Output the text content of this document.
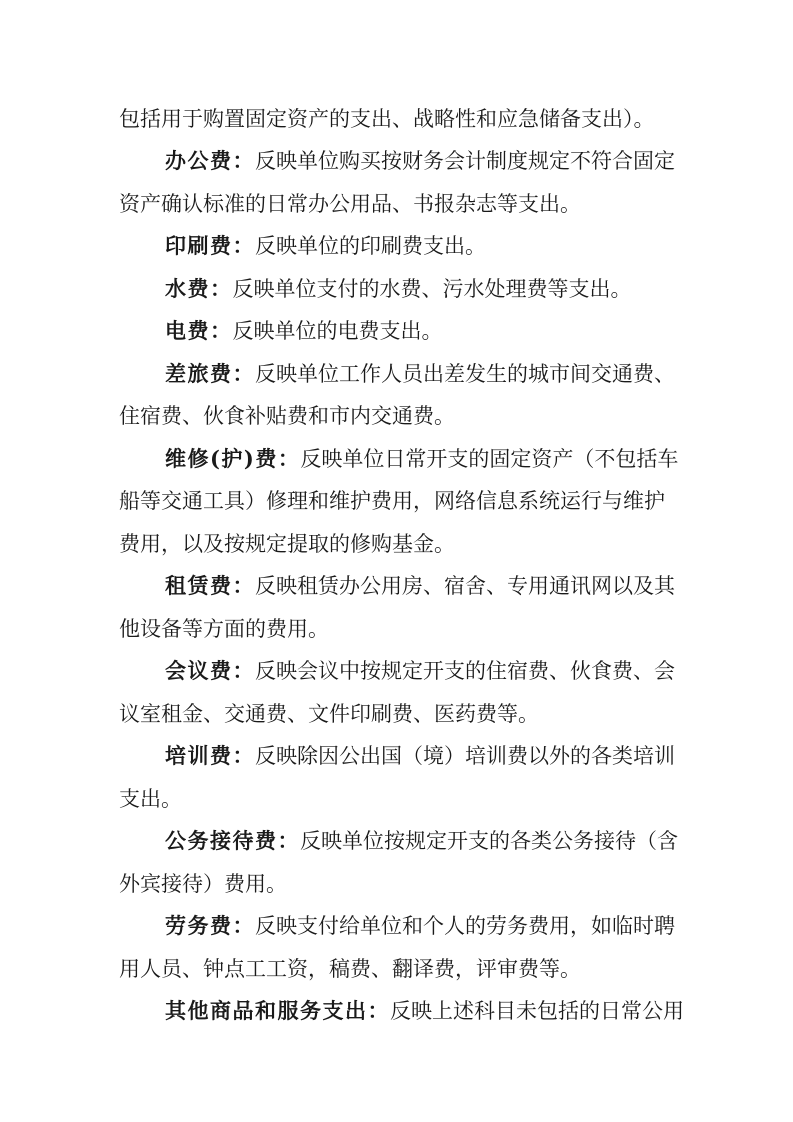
包括用于购置固定资产的支出、战略性和应急储备支出）。
办公费：反映单位购买按财务会计制度规定不符合固定
资产确认标准的日常办公用品、书报杂志等支出。
印刷费：反映单位的印刷费支出。
水费：反映单位支付的水费、污水处理费等支出。
电费：反映单位的电费支出。
差旅费：反映单位工作人员出差发生的城市间交通费、
住宿费、伙食补贴费和市内交通费。
维修(护)费：反映单位日常开支的固定资产（不包括车
船等交通工具）修理和维护费用，网络信息系统运行与维护
费用，以及按规定提取的修购基金。
租赁费：反映租赁办公用房、宿舍、专用通讯网以及其
他设备等方面的费用。
会议费：反映会议中按规定开支的住宿费、伙食费、会
议室租金、交通费、文件印刷费、医药费等。
培训费：反映除因公出国（境）培训费以外的各类培训
支出。
公务接待费：反映单位按规定开支的各类公务接待（含
外宾接待）费用。
劳务费：反映支付给单位和个人的劳务费用，如临时聘
用人员、钟点工工资，稿费、翻译费，评审费等。
其他商品和服务支出：反映上述科目未包括的日常公用
